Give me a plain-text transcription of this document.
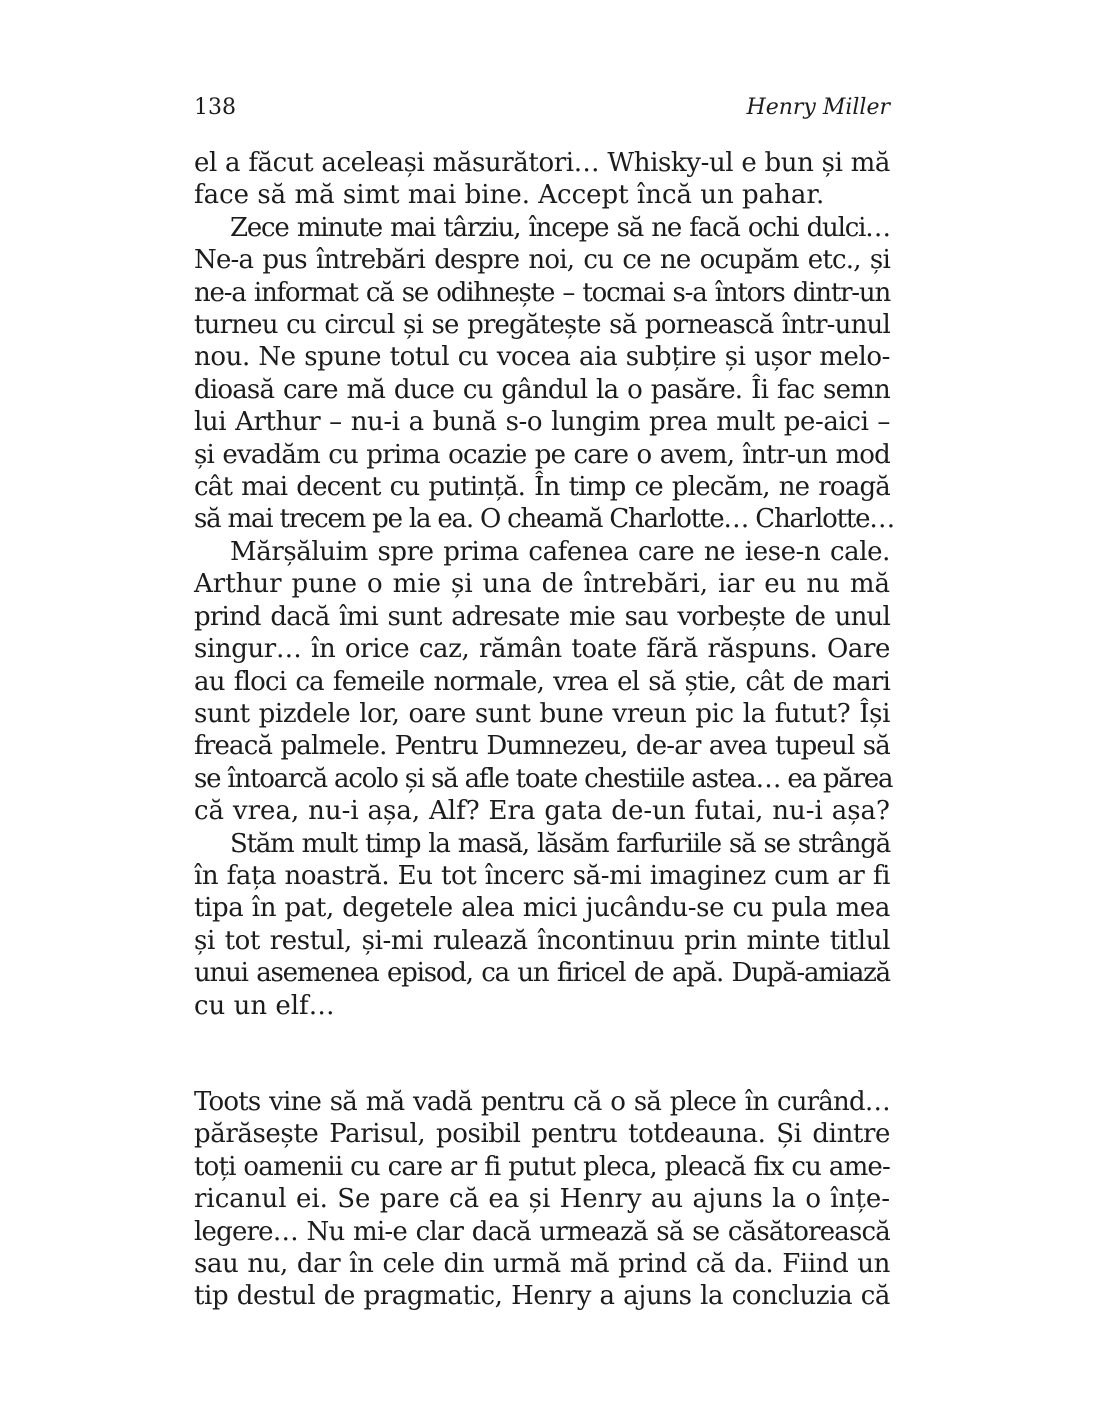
138	Henry Miller
el a făcut aceleași măsurători… Whisky-ul e bun și mă
face să mă simt mai bine. Accept încă un pahar.
Zece minute mai târziu, începe să ne facă ochi dulci…
Ne-a pus întrebări despre noi, cu ce ne ocupăm etc., și
ne-a informat că se odihnește – tocmai s-a întors dintr-un
turneu cu circul și se pregătește să pornească într-unul
nou. Ne spune totul cu vocea aia subțire și ușor melo-
dioasă care mă duce cu gândul la o pasăre. Îi fac semn
lui Arthur – nu-i a bună s-o lungim prea mult pe-aici –
și evadăm cu prima ocazie pe care o avem, într-un mod
cât mai decent cu putință. În timp ce plecăm, ne roagă
să mai trecem pe la ea. O cheamă Charlotte… Charlotte…
Mărșăluim spre prima cafenea care ne iese-n cale.
Arthur pune o mie și una de întrebări, iar eu nu mă
prind dacă îmi sunt adresate mie sau vorbește de unul
singur… în orice caz, rămân toate fără răspuns. Oare
au floci ca femeile normale, vrea el să știe, cât de mari
sunt pizdele lor, oare sunt bune vreun pic la futut? Își
freacă palmele. Pentru Dumnezeu, de-ar avea tupeul să
se întoarcă acolo și să afle toate chestiile astea… ea părea
că vrea, nu-i așa, Alf? Era gata de-un futai, nu-i așa?
Stăm mult timp la masă, lăsăm farfuriile să se strângă
în fața noastră. Eu tot încerc să-mi imaginez cum ar fi
tipa în pat, degetele alea mici jucându-se cu pula mea
și tot restul, și-mi rulează încontinuu prin minte titlul
unui asemenea episod, ca un firicel de apă. După-amiază
cu un elf…
Toots vine să mă vadă pentru că o să plece în curând…
părăsește Parisul, posibil pentru totdeauna. Și dintre
toți oamenii cu care ar fi putut pleca, pleacă fix cu ame-
ricanul ei. Se pare că ea și Henry au ajuns la o înțe-
legere… Nu mi-e clar dacă urmează să se căsătorească
sau nu, dar în cele din urmă mă prind că da. Fiind un
tip destul de pragmatic, Henry a ajuns la concluzia că
